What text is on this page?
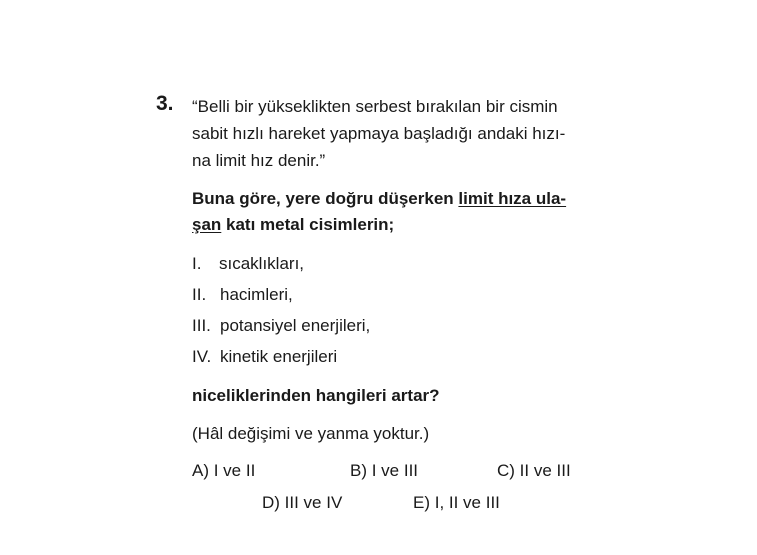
3. “Belli bir yükseklikten serbest bırakılan bir cismin
sabit hızlı hareket yapmaya başladığı andaki hızı-
na limit hız denir.”
Buna göre, yere doğru düşerken limit hıza ula-
şan katı metal cisimlerin;
I. sıcaklıkları,
II. hacimleri,
III. potansiyel enerjileri,
IV. kinetik enerjileri
niceliklerinden hangileri artar?
(Hâl değişimi ve yanma yoktur.)
A) I ve II	B) I ve III	C) II ve III
D) III ve IV	E) I, II ve III
